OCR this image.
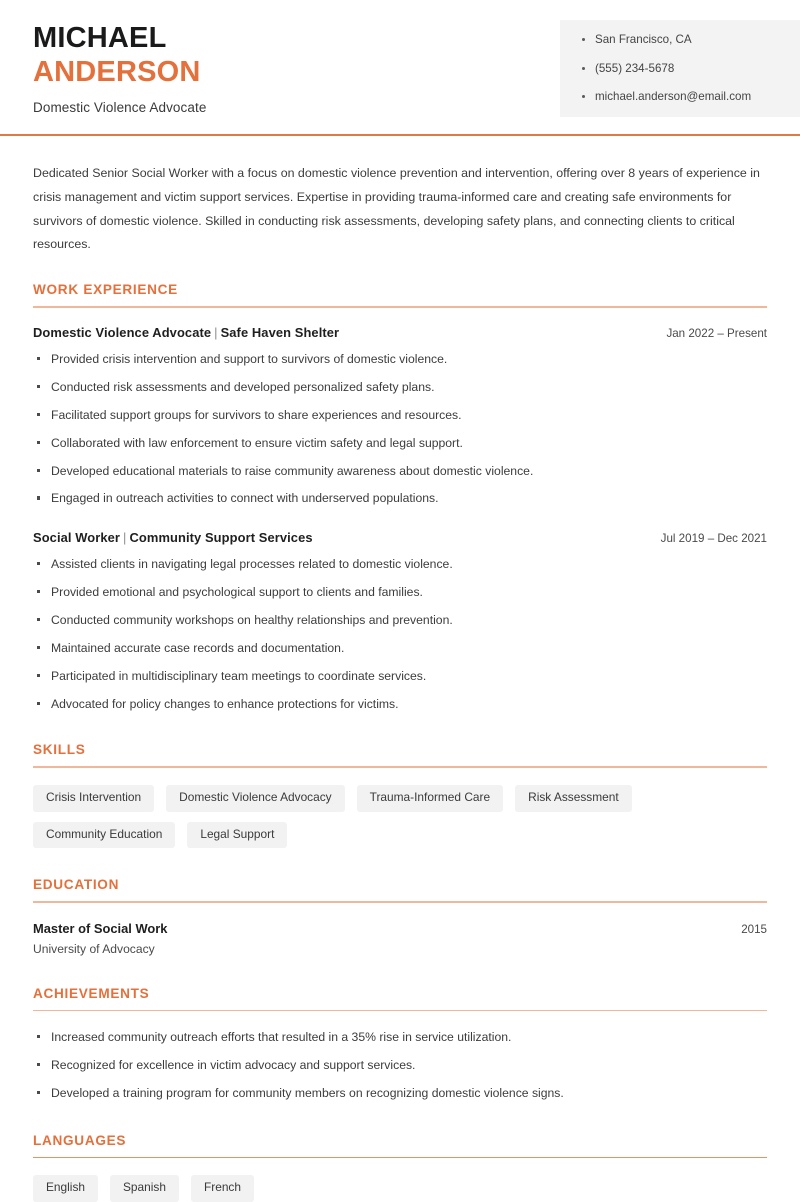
MICHAEL
ANDERSON
Domestic Violence Advocate
San Francisco, CA
(555) 234-5678
michael.anderson@email.com

Dedicated Senior Social Worker with a focus on domestic violence prevention and intervention, offering over 8 years of experience in crisis management and victim support services. Expertise in providing trauma-informed care and creating safe environments for survivors of domestic violence. Skilled in conducting risk assessments, developing safety plans, and connecting clients to critical resources.

WORK EXPERIENCE
Domestic Violence Advocate | Safe Haven Shelter	Jan 2022 – Present
Provided crisis intervention and support to survivors of domestic violence.
Conducted risk assessments and developed personalized safety plans.
Facilitated support groups for survivors to share experiences and resources.
Collaborated with law enforcement to ensure victim safety and legal support.
Developed educational materials to raise community awareness about domestic violence.
Engaged in outreach activities to connect with underserved populations.
Social Worker | Community Support Services	Jul 2019 – Dec 2021
Assisted clients in navigating legal processes related to domestic violence.
Provided emotional and psychological support to clients and families.
Conducted community workshops on healthy relationships and prevention.
Maintained accurate case records and documentation.
Participated in multidisciplinary team meetings to coordinate services.
Advocated for policy changes to enhance protections for victims.
SKILLS
Crisis Intervention	Domestic Violence Advocacy	Trauma-Informed Care	Risk Assessment
Community Education	Legal Support
EDUCATION
Master of Social Work	2015
University of Advocacy
ACHIEVEMENTS
Increased community outreach efforts that resulted in a 35% rise in service utilization.
Recognized for excellence in victim advocacy and support services.
Developed a training program for community members on recognizing domestic violence signs.
LANGUAGES
English	Spanish	French
